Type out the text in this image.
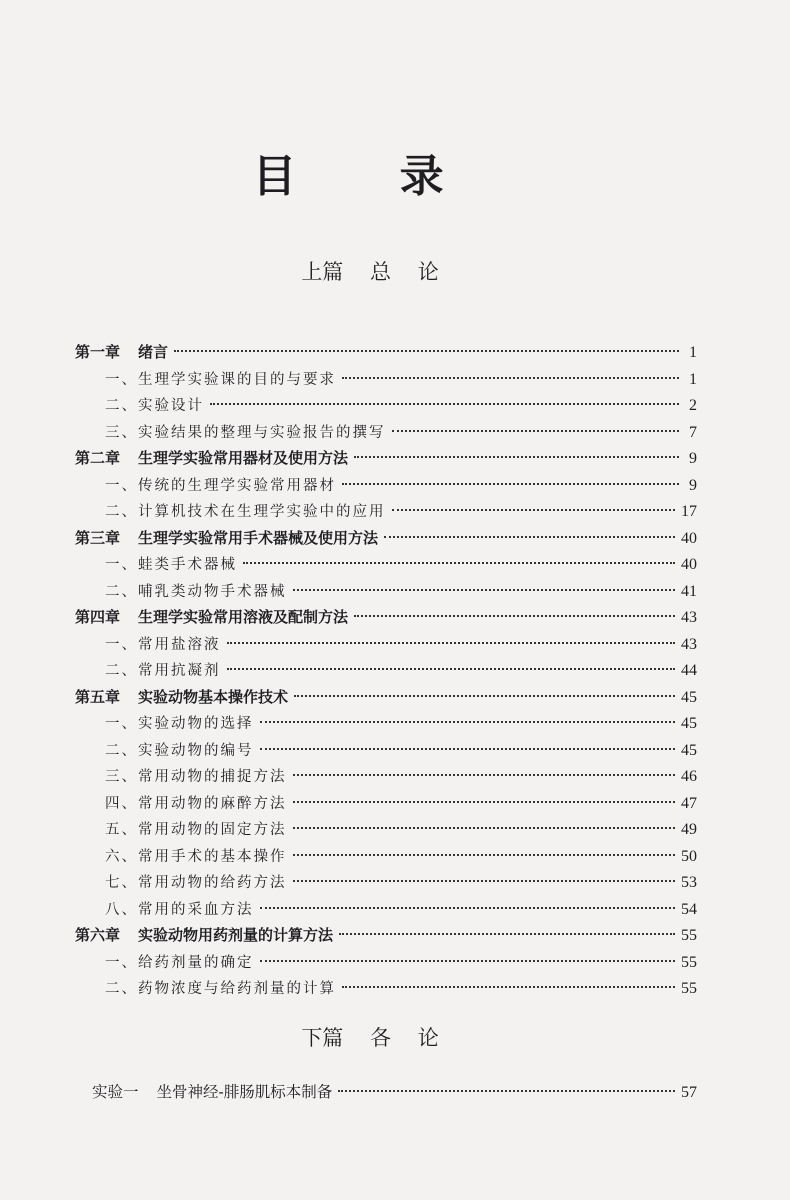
目 录
上篇 总 论
第一章 绪言	1
一、生理学实验课的目的与要求	1
二、实验设计	2
三、实验结果的整理与实验报告的撰写	7
第二章 生理学实验常用器材及使用方法	9
一、传统的生理学实验常用器材	9
二、计算机技术在生理学实验中的应用	17
第三章 生理学实验常用手术器械及使用方法	40
一、蛙类手术器械	40
二、哺乳类动物手术器械	41
第四章 生理学实验常用溶液及配制方法	43
一、常用盐溶液	43
二、常用抗凝剂	44
第五章 实验动物基本操作技术	45
一、实验动物的选择	45
二、实验动物的编号	45
三、常用动物的捕捉方法	46
四、常用动物的麻醉方法	47
五、常用动物的固定方法	49
六、常用手术的基本操作	50
七、常用动物的给药方法	53
八、常用的采血方法	54
第六章 实验动物用药剂量的计算方法	55
一、给药剂量的确定	55
二、药物浓度与给药剂量的计算	55
下篇 各 论
实验一 坐骨神经-腓肠肌标本制备	57
